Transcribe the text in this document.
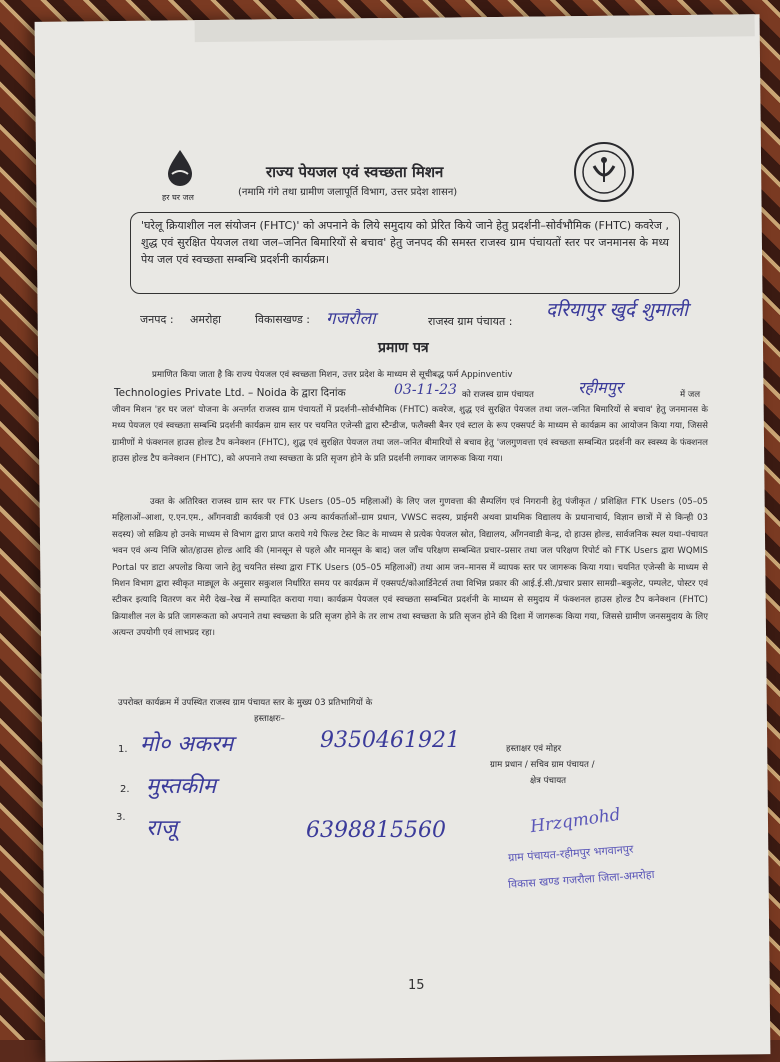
हर घर जल
राज्य पेयजल एवं स्वच्छता मिशन
(नमामि गंगे तथा ग्रामीण जलापूर्ति विभाग, उत्तर प्रदेश शासन)

'घरेलू क्रियाशील नल संयोजन (FHTC)' को अपनाने के लिये समुदाय को प्रेरित किये जाने हेतु प्रदर्शनी–सोर्वभौमिक (FHTC) कवरेज , शुद्ध एवं सुरक्षित पेयजल तथा जल–जनित बिमारियों से बचाव' हेतु जनपद की समस्त राजस्व ग्राम पंचायतों स्तर पर जनमानस के मध्य पेय जल एवं स्वच्छता सम्बन्धि प्रदर्शनी कार्यक्रम।

जनपद : अमरोहा	विकासखण्ड : गजरौला	राजस्व ग्राम पंचायत :
दरियापुर खुर्द शुमाली
प्रमाण पत्र
प्रमाणित किया जाता है कि राज्य पेयजल एवं स्वच्छता मिशन, उत्तर प्रदेश के माध्यम से सूचीबद्ध फर्म Appinventiv
Technologies Private Ltd. – Noida के द्वारा दिनांक	03-11-23 को राजस्व ग्राम पंचायत	रहीमपुर	में जल
जीवन मिशन 'हर घर जल' योजना के अन्तर्गत राजस्व ग्राम पंचायतों में प्रदर्शनी–सोर्वभौमिक (FHTC) कवरेज, शुद्ध एवं सुरक्षित पेयजल तथा जल–जनित बिमारियों से बचाव' हेतु जनमानस के मध्य पेयजल एवं स्वच्छता सम्बन्धि प्रदर्शनी कार्यक्रम ग्राम स्तर पर चयनित एजेन्सी द्वारा स्टैन्डीज, फलैक्सी बैनर एवं स्टाल के रूप एक्सपर्ट के माध्यम से कार्यक्रम का आयोजन किया गया, जिससे ग्रामीणों मे फंक्शनल हाउस होल्ड टैप कनेक्शन (FHTC), शुद्ध एवं सुरक्षित पेयजल तथा जल–जनित बीमारियों से बचाव हेतु 'जलगुणवत्ता एवं स्वच्छता सम्बन्धित प्रदर्शनी कर स्वस्थ्य के फंक्शनल हाउस होल्ड टैप कनेक्शन (FHTC), को अपनाने तथा स्वच्छता के प्रति सृजग होने के प्रति प्रदर्शनी लगाकर जागरूक किया गया।
उक्त के अतिरिक्त राजस्व ग्राम स्तर पर FTK Users (05–05 महिलाओं) के लिए जल गुणवत्ता की सैम्पलिंग एवं निगरानी हेतु पंजीकृत / प्रशिक्षित FTK Users (05–05 महिलाओं–आशा, ए.एन.एम., आँगनवाडी कार्यकत्री एवं 03 अन्य कार्यकर्ताओं–ग्राम प्रधान, VWSC सदस्य, प्राईमरी अथवा प्राथमिक विद्यालय के प्रधानाचार्य, विज्ञान छात्रों में से किन्ही 03 सदस्य) जो सक्रिय हो उनके माध्यम से विभाग द्वारा प्राप्त कराये गये फिल्ड टेस्ट किट के माध्यम से प्रत्येक पेयजल स्रोत, विद्यालय, आँगनवाडी केन्द्र, दो हाउस होल्ड, सार्वजनिक स्थल यथा–पंचायत भवन एवं अन्य निजि स्रोत/हाउस होल्ड आदि की (मानसून से पहले और मानसून के बाद) जल जाँच परिक्षण सम्बन्धित प्रचार–प्रसार तथा जल परिक्षण रिपोर्ट को FTK Users द्वारा WQMIS Portal पर डाटा अपलोड किया जाने हेतु चयनित संस्था द्वारा FTK Users (05–05 महिलाओं) तथा आम जन–मानस में व्यापक स्तर पर जागरूक किया गया। चयनित एजेन्सी के माध्यम से मिशन विभाग द्वारा स्वीकृत माड्यूल के अनुसार सकुशल निर्धारित समय पर कार्यक्रम में एक्सपर्ट/कोआर्डिनेटर्स तथा विभिन्न प्रकार की आई.ई.सी./प्रचार प्रसार सामग्री–बकुलेट, पम्पलेट, पोस्टर एवं स्टीकर इत्यादि वितरण कर मेरी देख–रेख में सम्पादित कराया गया। कार्यक्रम पेयजल एवं स्वच्छता सम्बन्धित प्रदर्शनी के माध्यम से समुदाय में फंक्शनल हाउस होल्ड टैप कनेक्शन (FHTC) क्रियाशील नल के प्रति जागरूकता को अपनाने तथा स्वच्छता के प्रति सृजग होने के तर लाभ तथा स्वच्छता के प्रति सृजन होने की दिशा में जागरूक किया गया, जिससे ग्रामीण जनसमुदाय के लिए अत्यन्त उपयोगी एवं लाभप्रद रहा।
उपरोक्त कार्यक्रम में उपस्थित राजस्व ग्राम पंचायत स्तर के मुख्य 03 प्रतिभागियों के
हस्ताक्षरः–
1. मो० अकरम	9350461921
2. मुस्तकीम
3. राजू	6398815560
हस्ताक्षर एवं मोहर
ग्राम प्रधान / सचिव ग्राम पंचायत /
क्षेत्र पंचायत
Hrzqmohd
ग्राम पंचायत-रहीमपुर भगवानपुर
विकास खण्ड गजरौला जिला-अमरोहा
15
